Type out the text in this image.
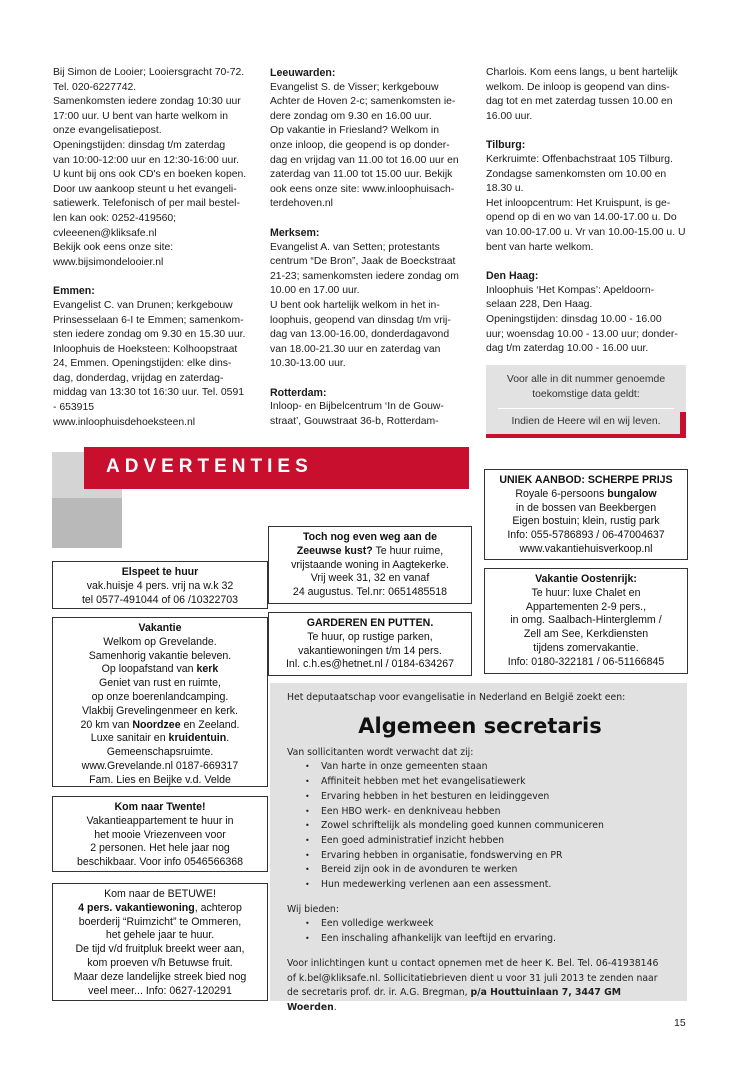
Bij Simon de Looier; Looiersgracht 70-72.
Tel. 020-6227742.
Samenkomsten iedere zondag 10:30 uur
17:00 uur. U bent van harte welkom in
onze evangelisatiepost.
Openingstijden: dinsdag t/m zaterdag
van 10:00-12:00 uur en 12:30-16:00 uur.
U kunt bij ons ook CD's en boeken kopen.
Door uw aankoop steunt u het evangeli-
satiewerk. Telefonisch of per mail bestel-
len kan ook: 0252-419560;
cvleeenen@kliksafe.nl
Bekijk ook eens onze site:
www.bijsimondelooier.nl

Emmen:

Evangelist C. van Drunen; kerkgebouw
Prinsesselaan 6-I te Emmen; samenkom-
sten iedere zondag om 9.30 en 15.30 uur.
Inloophuis de Hoeksteen: Kolhoopstraat
24, Emmen. Openingstijden: elke dins-
dag, donderdag, vrijdag en zaterdag-
middag van 13:30 tot 16:30 uur. Tel. 0591
- 653915
www.inloophuisdehoeksteen.nl

Leeuwarden:

Evangelist S. de Visser; kerkgebouw
Achter de Hoven 2-c; samenkomsten ie-
dere zondag om 9.30 en 16.00 uur.
Op vakantie in Friesland? Welkom in
onze inloop, die geopend is op donder-
dag en vrijdag van 11.00 tot 16.00 uur en
zaterdag van 11.00 tot 15.00 uur. Bekijk
ook eens onze site: www.inloophuisach-
terdehoven.nl

Merksem:

Evangelist A. van Setten; protestants
centrum “De Bron”, Jaak de Boeckstraat
21-23; samenkomsten iedere zondag om
10.00 en 17.00 uur.
U bent ook hartelijk welkom in het in-
loophuis, geopend van dinsdag t/m vrij-
dag van 13.00-16.00, donderdagavond
van 18.00-21.30 uur en zaterdag van
10.30-13.00 uur.

Rotterdam:

Inloop- en Bijbelcentrum ‘In de Gouw-
straat’, Gouwstraat 36-b, Rotterdam-

Charlois. Kom eens langs, u bent hartelijk
welkom. De inloop is geopend van dins-
dag tot en met zaterdag tussen 10.00 en
16.00 uur.

Tilburg:

Kerkruimte: Offenbachstraat 105 Tilburg.
Zondagse samenkomsten om 10.00 en
18.30 u.
Het inloopcentrum: Het Kruispunt, is ge-
opend op di en wo van 14.00-17.00 u. Do
van 10.00-17.00 u. Vr van 10.00-15.00 u. U
bent van harte welkom.

Den Haag:

Inloophuis ‘Het Kompas’: Apeldoorn-
selaan 228, Den Haag.
Openingstijden: dinsdag 10.00 - 16.00
uur; woensdag 10.00 - 13.00 uur; donder-
dag t/m zaterdag 10.00 - 16.00 uur.

Voor alle in dit nummer genoemde
toekomstige data geldt:
Indien de Heere wil en wij leven.
ADVERTENTIES
Elspeet te huur
vak.huisje 4 pers. vrij na w.k 32
tel 0577-491044 of 06 /10322703
Vakantie
Welkom op Grevelande.
Samenhorig vakantie beleven.
Op loopafstand van kerk
Geniet van rust en ruimte,
op onze boerenlandcamping.
Vlakbij Grevelingenmeer en kerk.
20 km van Noordzee en Zeeland.
Luxe sanitair en kruidentuin.
Gemeenschapsruimte.
www.Grevelande.nl 0187-669317
Fam. Lies en Beijke v.d. Velde
Kom naar Twente!
Vakantieappartement te huur in
het mooie Vriezenveen voor
2 personen. Het hele jaar nog
beschikbaar. Voor info 0546566368
Kom naar de BETUWE!
4 pers. vakantiewoning, achterop
boerderij “Ruimzicht” te Ommeren,
het gehele jaar te huur.
De tijd v/d fruitpluk breekt weer aan,
kom proeven v/h Betuwse fruit.
Maar deze landelijke streek bied nog
veel meer... Info: 0627-120291
Toch nog even weg aan de
Zeeuwse kust? Te huur ruime,
vrijstaande woning in Aagtekerke.
Vrij week 31, 32 en vanaf
24 augustus. Tel.nr: 0651485518
GARDEREN EN PUTTEN.
Te huur, op rustige parken,
vakantiewoningen t/m 14 pers.
Inl. c.h.es@hetnet.nl / 0184-634267
UNIEK AANBOD: SCHERPE PRIJS
Royale 6-persoons bungalow
in de bossen van Beekbergen
Eigen bostuin; klein, rustig park
Info: 055-5786893 / 06-47004637
www.vakantiehuisverkoop.nl
Vakantie Oostenrijk:
Te huur: luxe Chalet en
Appartementen 2-9 pers.,
in omg. Saalbach-Hinterglemm /
Zell am See, Kerkdiensten
tijdens zomervakantie.
Info: 0180-322181 / 06-51166845
Het deputaatschap voor evangelisatie in Nederland en België zoekt een:
Algemeen secretaris
Van sollicitanten wordt verwacht dat zij:
• Van harte in onze gemeenten staan
• Affiniteit hebben met het evangelisatiewerk
• Ervaring hebben in het besturen en leidinggeven
• Een HBO werk- en denkniveau hebben
• Zowel schriftelijk als mondeling goed kunnen communiceren
• Een goed administratief inzicht hebben
• Ervaring hebben in organisatie, fondswerving en PR
• Bereid zijn ook in de avonduren te werken
• Hun medewerking verlenen aan een assessment.
Wij bieden:
• Een volledige werkweek
• Een inschaling afhankelijk van leeftijd en ervaring.
Voor inlichtingen kunt u contact opnemen met de heer K. Bel. Tel. 06-41938146
of k.bel@kliksafe.nl. Sollicitatiebrieven dient u voor 31 juli 2013 te zenden naar
de secretaris prof. dr. ir. A.G. Bregman, p/a Houttuinlaan 7, 3447 GM Woerden.
15
